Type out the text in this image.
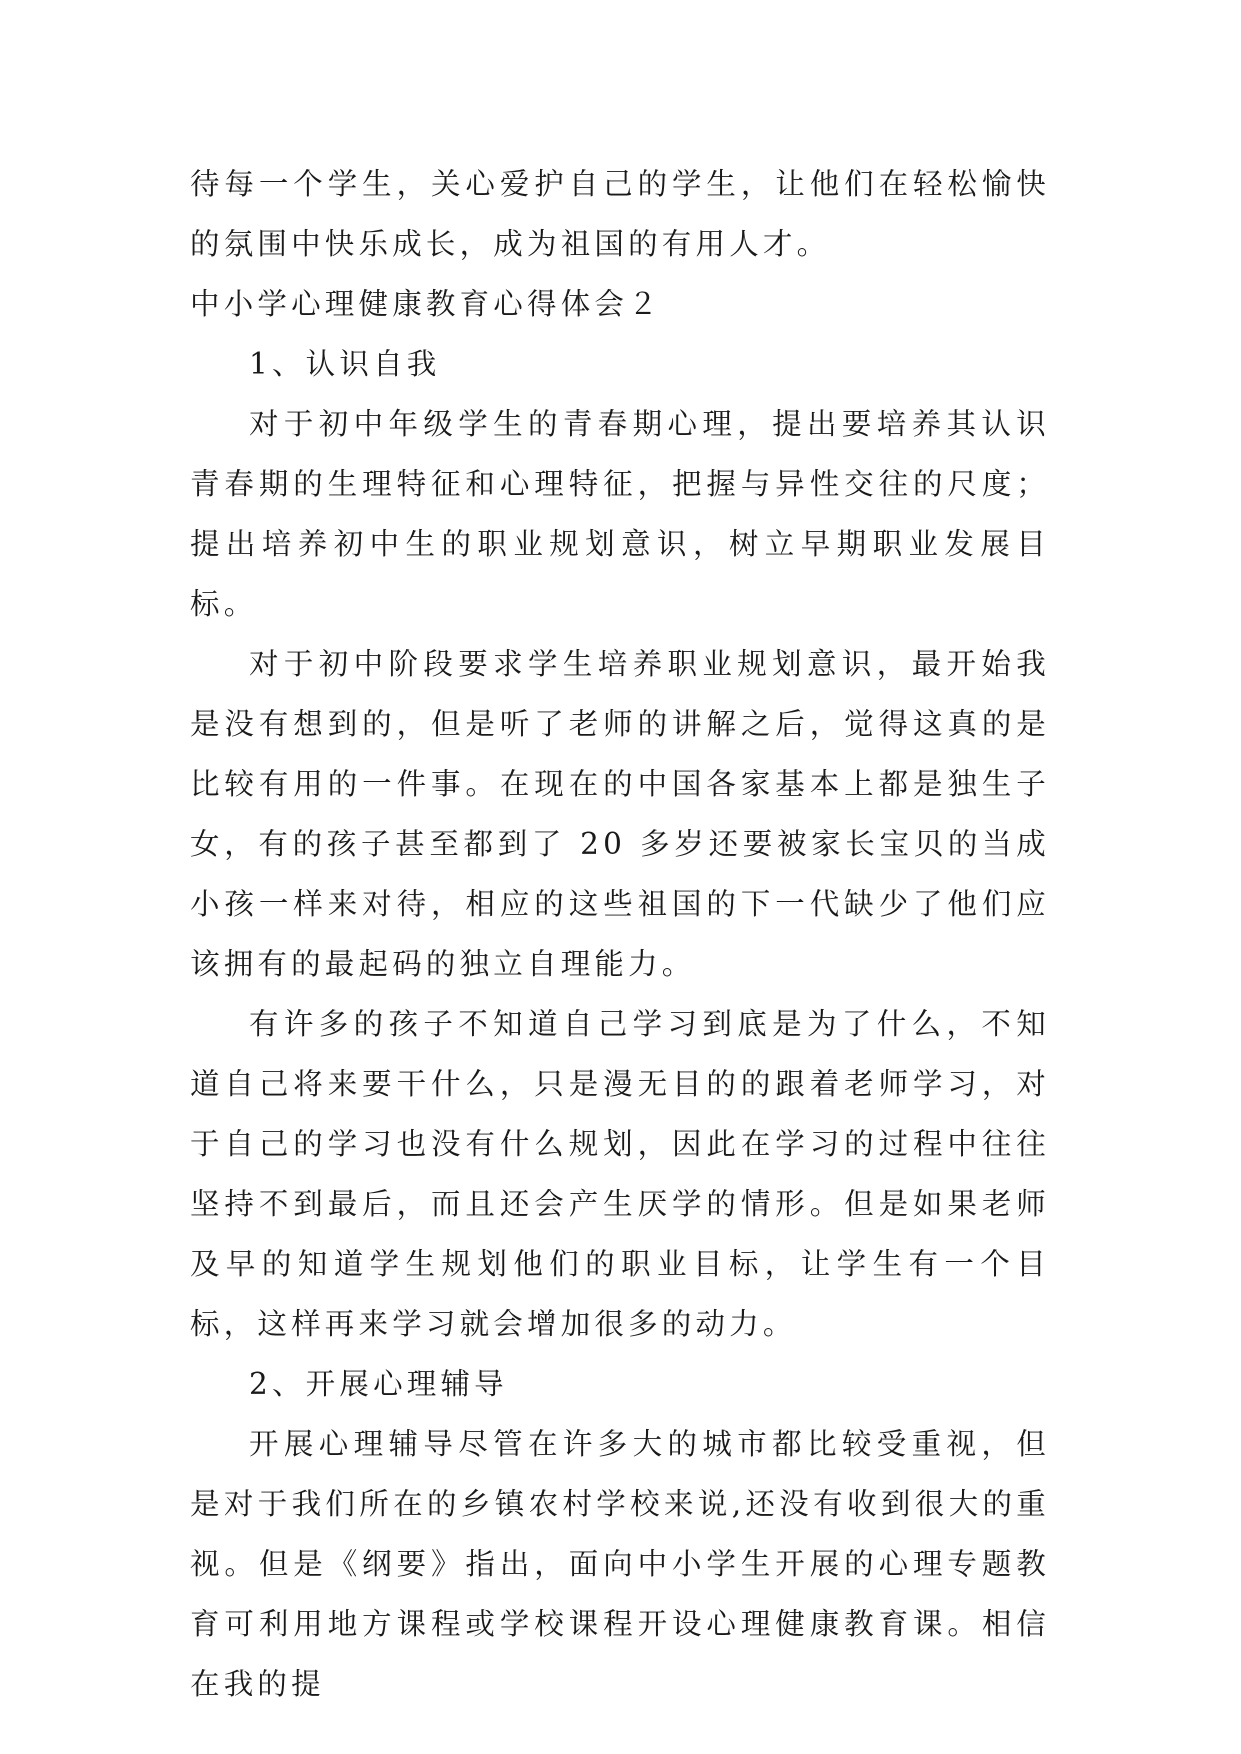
待每一个学生，关心爱护自己的学生，让他们在轻松愉快的氛围中快乐成长，成为祖国的有用人才。

中小学心理健康教育心得体会２

1、认识自我

对于初中年级学生的青春期心理，提出要培养其认识青春期的生理特征和心理特征，把握与异性交往的尺度；提出培养初中生的职业规划意识，树立早期职业发展目标。

对于初中阶段要求学生培养职业规划意识，最开始我是没有想到的，但是听了老师的讲解之后，觉得这真的是比较有用的一件事。在现在的中国各家基本上都是独生子女，有的孩子甚至都到了 20 多岁还要被家长宝贝的当成小孩一样来对待，相应的这些祖国的下一代缺少了他们应该拥有的最起码的独立自理能力。

有许多的孩子不知道自己学习到底是为了什么，不知道自己将来要干什么，只是漫无目的的跟着老师学习，对于自己的学习也没有什么规划，因此在学习的过程中往往坚持不到最后，而且还会产生厌学的情形。但是如果老师及早的知道学生规划他们的职业目标，让学生有一个目标，这样再来学习就会增加很多的动力。

2、开展心理辅导

开展心理辅导尽管在许多大的城市都比较受重视，但是对于我们所在的乡镇农村学校来说,还没有收到很大的重视。但是《纲要》指出，面向中小学生开展的心理专题教育可利用地方课程或学校课程开设心理健康教育课。相信在我的提
